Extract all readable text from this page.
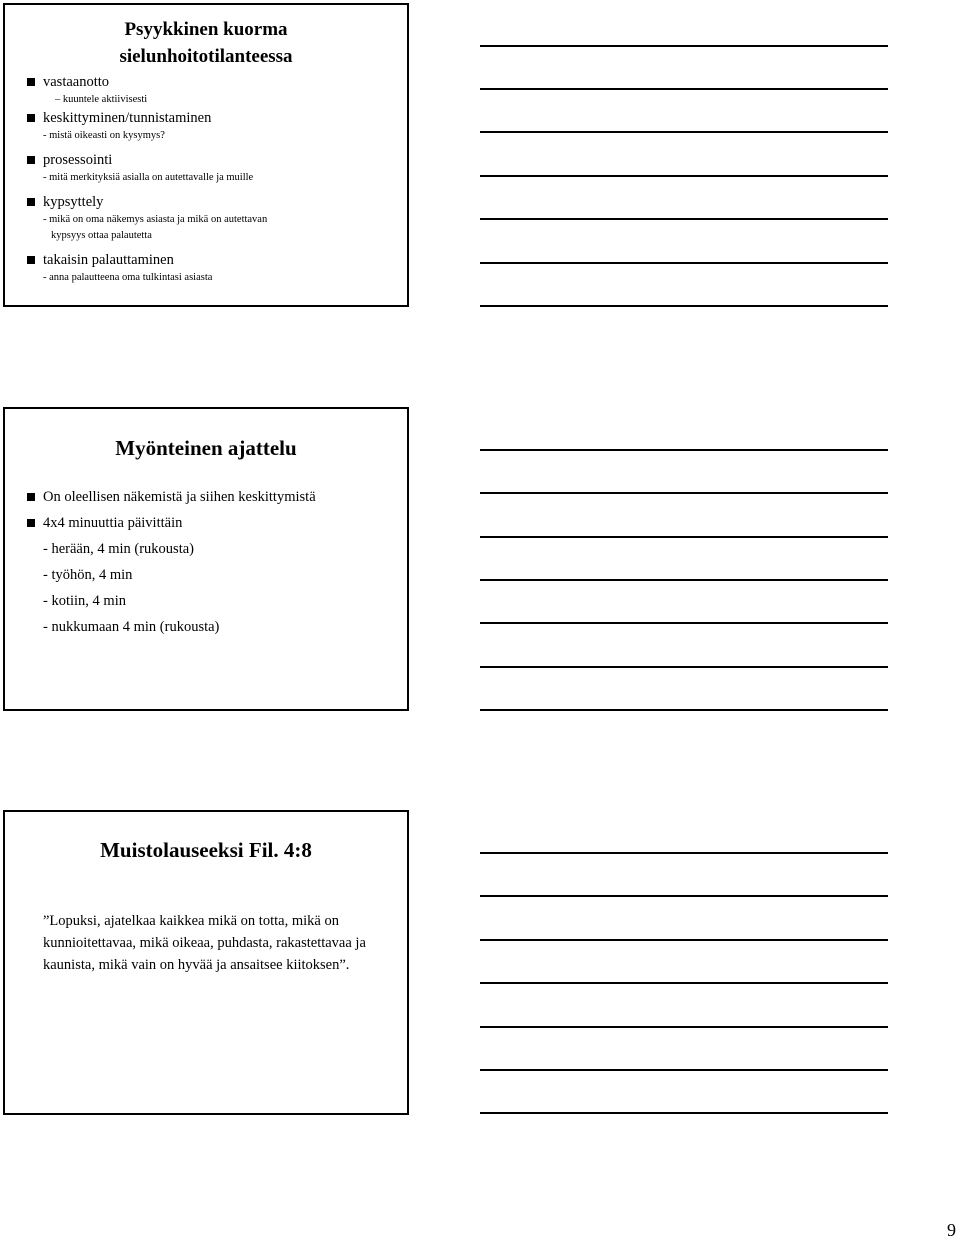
Psyykkinen kuorma
sielunhoitotilanteessa
vastaanotto
– kuuntele aktiivisesti
keskittyminen/tunnistaminen
- mistä oikeasti on kysymys?
prosessointi
- mitä merkityksiä asialla on autettavalle ja muille
kypsyttely
- mikä on oma näkemys asiasta ja mikä on autettavan
kypsyys ottaa palautetta
takaisin palauttaminen
- anna palautteena oma tulkintasi asiasta
Myönteinen ajattelu
On oleellisen näkemistä ja siihen keskittymistä
4x4 minuuttia päivittäin
- herään, 4 min (rukousta)
- työhön, 4 min
- kotiin, 4 min
- nukkumaan 4 min (rukousta)
Muistolauseeksi Fil. 4:8

”Lopuksi, ajatelkaa kaikkea mikä on totta, mikä on kunnioitettavaa, mikä oikeaa, puhdasta, rakastettavaa ja kaunista, mikä vain on hyvää ja ansaitsee kiitoksen”.

9
